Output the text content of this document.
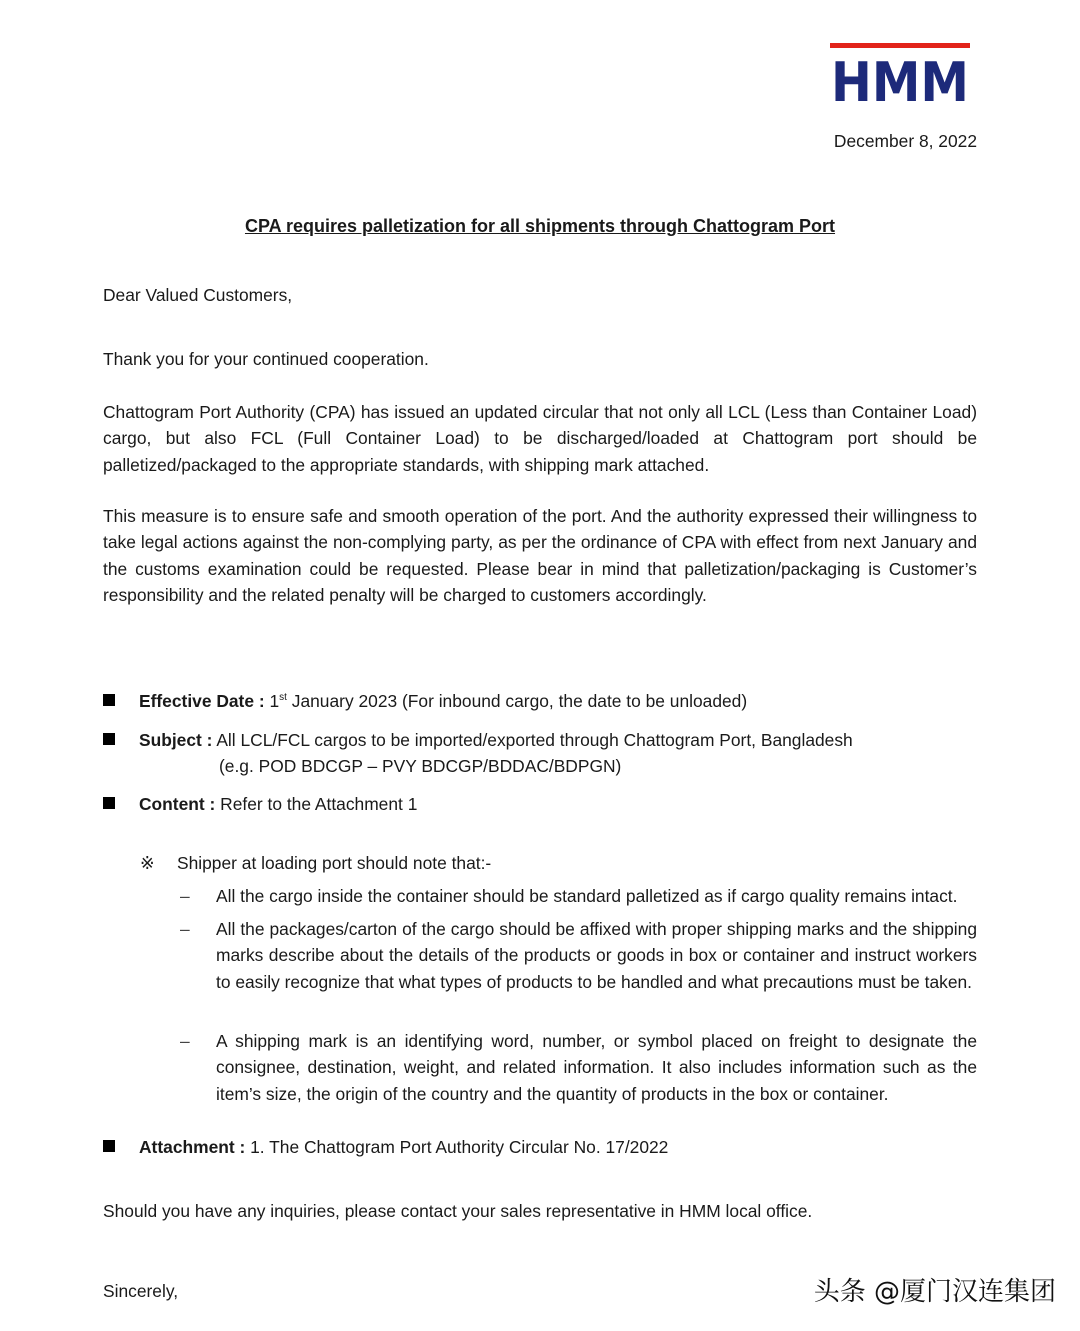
HMM
December 8, 2022
CPA requires palletization for all shipments through Chattogram Port
Dear Valued Customers,
Thank you for your continued cooperation.
Chattogram Port Authority (CPA) has issued an updated circular that not only all LCL (Less than Container Load) cargo, but also FCL (Full Container Load) to be discharged/loaded at Chattogram port should be palletized/packaged to the appropriate standards, with shipping mark attached.
This measure is to ensure safe and smooth operation of the port. And the authority expressed their willingness to take legal actions against the non-complying party, as per the ordinance of CPA with effect from next January and the customs examination could be requested. Please bear in mind that palletization/packaging is Customer’s responsibility and the related penalty will be charged to customers accordingly.
Effective Date : 1st January 2023 (For inbound cargo, the date to be unloaded)
Subject : All LCL/FCL cargos to be imported/exported through Chattogram Port, Bangladesh
(e.g. POD BDCGP – PVY BDCGP/BDDAC/BDPGN)
Content : Refer to the Attachment 1
※ Shipper at loading port should note that:-
–	All the cargo inside the container should be standard palletized as if cargo quality remains intact.
–	All the packages/carton of the cargo should be affixed with proper shipping marks and the shipping marks describe about the details of the products or goods in box or container and instruct workers to easily recognize that what types of products to be handled and what precautions must be taken.
–	A shipping mark is an identifying word, number, or symbol placed on freight to designate the consignee, destination, weight, and related information. It also includes information such as the item’s size, the origin of the country and the quantity of products in the box or container.
Attachment : 1. The Chattogram Port Authority Circular No. 17/2022
Should you have any inquiries, please contact your sales representative in HMM local office.
Sincerely,	头条 @厦门汉连集团
